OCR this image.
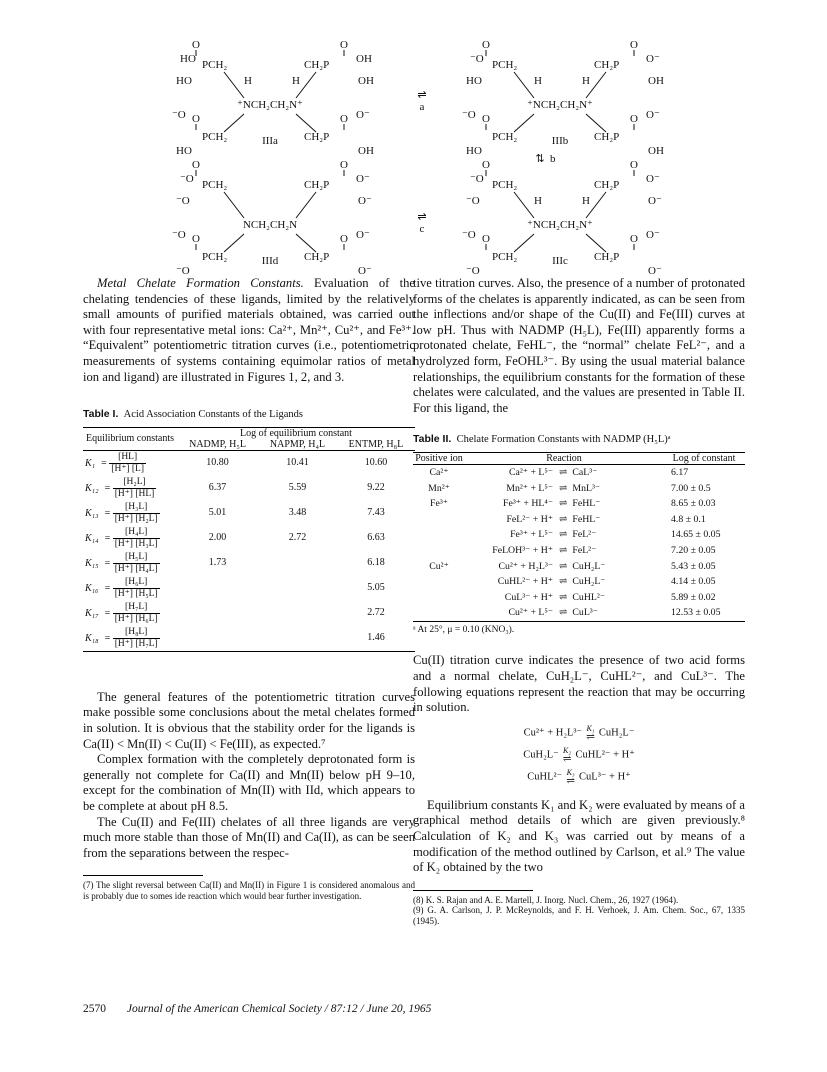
O
HO PCH₂
HO
O
OH
CH₂P
OH
H	H
⁺NCH₂CH₂N⁺
O
⁻O
PCH₂
HO
O O⁻
CH₂P
OH
IIIa
O
⁻O PCH₂
HO
O
O⁻
CH₂P
OH
H	H
⁺NCH₂CH₂N⁺
O
⁻O
PCH₂
HO
O O⁻
CH₂P
OH
IIIb
O
⁻O PCH₂
⁻O
O
O⁻
CH₂P
O⁻
NCH₂CH₂N
O
⁻O
PCH₂
⁻O
O O⁻
CH₂P
O⁻
IIId
O
⁻O PCH₂
⁻O
O
O⁻
CH₂P
O⁻
H	H
⁺NCH₂CH₂N⁺
O
⁻O
PCH₂
⁻O
O O⁻
CH₂P
O⁻
IIIc
⇌
a
⇅ b
⇌
c

Metal Chelate Formation Constants. Evaluation of the chelating tendencies of these ligands, limited by the relatively small amounts of purified materials obtained, was carried out with four representative metal ions: Ca²⁺, Mn²⁺, Cu²⁺, and Fe³⁺. “Equivalent” potentiometric titration curves (i.e., potentiometric measurements of systems containing equimolar ratios of metal ion and ligand) are illustrated in Figures 1, 2, and 3.

Table I. Acid Association Constants of the Ligands
Equilibrium constants	Log of equilibrium constant		
	NADMP, H₅L	NAPMP, H₄L	ENTMP, H₈L
$K_1 = \frac{[HL]}{[H^+] [L]}$	10.80	10.41	10.60
$K_{12} = \frac{\text{[H₂L]}}{[H^+] [HL]}$	6.37	5.59	9.22
$K_{13} = \frac{\text{[H₃L]}}{\text{[H⁺] [H₂L]}}$	5.01	3.48	7.43
$K_{14} = \frac{\text{[H₄L]}}{\text{[H⁺] [H₃L]}}$	2.00	2.72	6.63
$K_{15} = \frac{\text{[H₅L]}}{\text{[H⁺] [H₄L]}}$	1.73		6.18
$K_{16} = \frac{\text{[H₆L]}}{\text{[H⁺] [H₅L]}}$			5.05
$K_{17} = \frac{\text{[H₇L]}}{\text{[H⁺] [H₆L]}}$			2.72
$K_{18} = \frac{\text{[H₈L]}}{\text{[H⁺] [H₇L]}}$			1.46

The general features of the potentiometric titration curves make possible some conclusions about the metal chelates formed in solution. It is obvious that the stability order for the ligands is Ca(II) < Mn(II) < Cu(II) < Fe(III), as expected.⁷

Complex formation with the completely deprotonated form is generally not complete for Ca(II) and Mn(II) below pH 9–10, except for the combination of Mn(II) with IId, which appears to be complete at about pH 8.5.

The Cu(II) and Fe(III) chelates of all three ligands are very much more stable than those of Mn(II) and Ca(II), as can be seen from the separations between the respec-

(7) The slight reversal between Ca(II) and Mn(II) in Figure 1 is considered anomalous and is probably due to somes ide reaction which would bear further investigation.

tive titration curves. Also, the presence of a number of protonated forms of the chelates is apparently indicated, as can be seen from the inflections and/or shape of the Cu(II) and Fe(III) curves at low pH. Thus with NADMP (H₅L), Fe(III) apparently forms a protonated chelate, FeHL⁻, the “normal” chelate FeL²⁻, and a hydrolyzed form, FeOHL³⁻. By using the usual material balance relationships, the equilibrium constants for the formation of these chelates were calculated, and the values are presented in Table II. For this ligand, the

Table II. Chelate Formation Constants with NADMP (H₅L)ᵃ
Positive ion	Reaction	Log of constant
Ca²⁺	Ca²⁺ + L⁵⁻ ⇌ CaL³⁻	6.17
Mn²⁺	Mn²⁺ + L⁵⁻ ⇌ MnL³⁻	7.00 ± 0.5
Fe³⁺	Fe³⁺ + HL⁴⁻ ⇌ FeHL⁻	8.65 ± 0.03
	FeL²⁻ + H⁺ ⇌ FeHL⁻	4.8 ± 0.1
	Fe³⁺ + L⁵⁻ ⇌ FeL²⁻	14.65 ± 0.05
	FeLOH³⁻ + H⁺ ⇌ FeL²⁻	7.20 ± 0.05
Cu²⁺	Cu²⁺ + H₂L³⁻ ⇌ CuH₂L⁻	5.43 ± 0.05
	CuHL²⁻ + H⁺ ⇌ CuH₂L⁻	4.14 ± 0.05
	CuL³⁻ + H⁺ ⇌ CuHL²⁻	5.89 ± 0.02
	Cu²⁺ + L⁵⁻ ⇌ CuL³⁻	12.53 ± 0.05
ᵃ At 25°, μ = 0.10 (KNO₃).

Cu(II) titration curve indicates the presence of two acid forms and a normal chelate, CuH₂L⁻, CuHL²⁻, and CuL³⁻. The following equations represent the reaction that may be occurring in solution.

Cu²⁺ + H₂L³⁻ K₁
⇌ CuH₂L⁻
CuH₂L⁻ K₂
⇌ CuHL²⁻ + H⁺
CuHL²⁻ K₃
⇌ CuL³⁻ + H⁺

Equilibrium constants K₁ and K₂ were evaluated by means of a graphical method details of which are given previously.⁸ Calculation of K₂ and K₃ was carried out by means of a modification of the method outlined by Carlson, et al.⁹ The value of K₂ obtained by the two

(8) K. S. Rajan and A. E. Martell, J. Inorg. Nucl. Chem., 26, 1927 (1964).
(9) G. A. Carlson, J. P. McReynolds, and F. H. Verhoek, J. Am. Chem. Soc., 67, 1335 (1945).
2570 Journal of the American Chemical Society / 87:12 / June 20, 1965
